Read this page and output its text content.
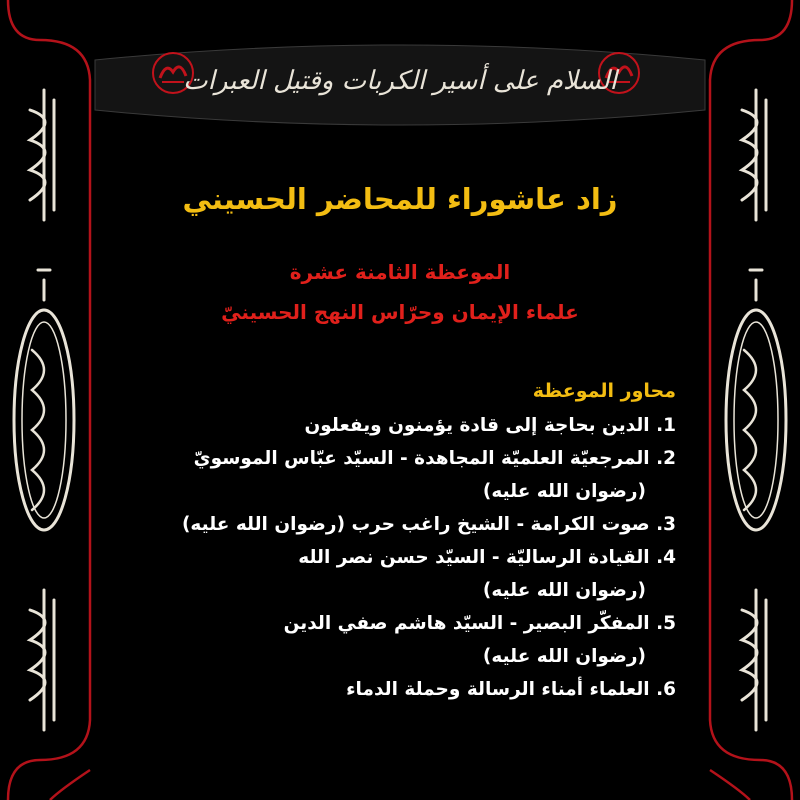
السلام على أسير الكربات وقتيل العبرات
زاد عاشوراء للمحاضر الحسيني
الموعظة الثامنة عشرة
علماء الإيمان وحرّاس النهج الحسينيّ
محاور الموعظة
1. الدين بحاجة إلى قادة يؤمنون ويفعلون
2. المرجعيّة العلميّة المجاهدة - السيّد عبّاس الموسويّ
(رضوان الله عليه)
3. صوت الكرامة - الشيخ راغب حرب (رضوان الله عليه)
4. القيادة الرساليّة - السيّد حسن نصر الله
(رضوان الله عليه)
5. المفكّر البصير - السيّد هاشم صفي الدين
(رضوان الله عليه)
6. العلماء أمناء الرسالة وحملة الدماء
